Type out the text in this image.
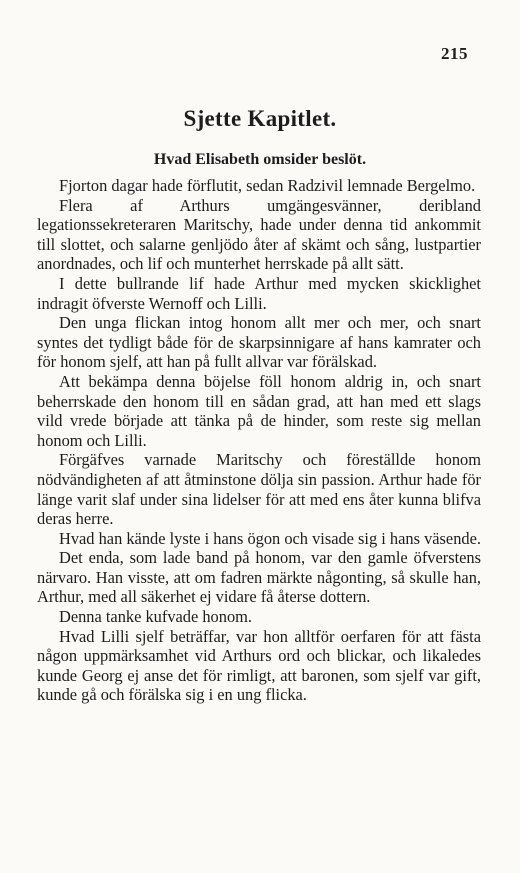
215
Sjette Kapitlet.
Hvad Elisabeth omsider beslöt.

Fjorton dagar hade förflutit, sedan Radzivil lemnade Bergelmo.

Flera af Arthurs umgängesvänner, deribland legationssekreteraren Maritschy, hade under denna tid ankommit till slottet, och salarne genljödo åter af skämt och sång, lustpartier anordnades, och lif och munterhet herrskade på allt sätt.

I dette bullrande lif hade Arthur med mycken skicklighet indragit öfverste Wernoff och Lilli.

Den unga flickan intog honom allt mer och mer, och snart syntes det tydligt både för de skarpsinnigare af hans kamrater och för honom sjelf, att han på fullt allvar var förälskad.

Att bekämpa denna böjelse föll honom aldrig in, och snart beherrskade den honom till en sådan grad, att han med ett slags vild vrede började att tänka på de hinder, som reste sig mellan honom och Lilli.

Förgäfves varnade Maritschy och föreställde honom nödvändigheten af att åtminstone dölja sin passion. Arthur hade för länge varit slaf under sina lidelser för att med ens åter kunna blifva deras herre.

Hvad han kände lyste i hans ögon och visade sig i hans väsende.

Det enda, som lade band på honom, var den gamle öfverstens närvaro. Han visste, att om fadren märkte någonting, så skulle han, Arthur, med all säkerhet ej vidare få återse dottern.

Denna tanke kufvade honom.

Hvad Lilli sjelf beträffar, var hon alltför oerfaren för att fästa någon uppmärksamhet vid Arthurs ord och blickar, och likaledes kunde Georg ej anse det för rimligt, att baronen, som sjelf var gift, kunde gå och förälska sig i en ung flicka.
